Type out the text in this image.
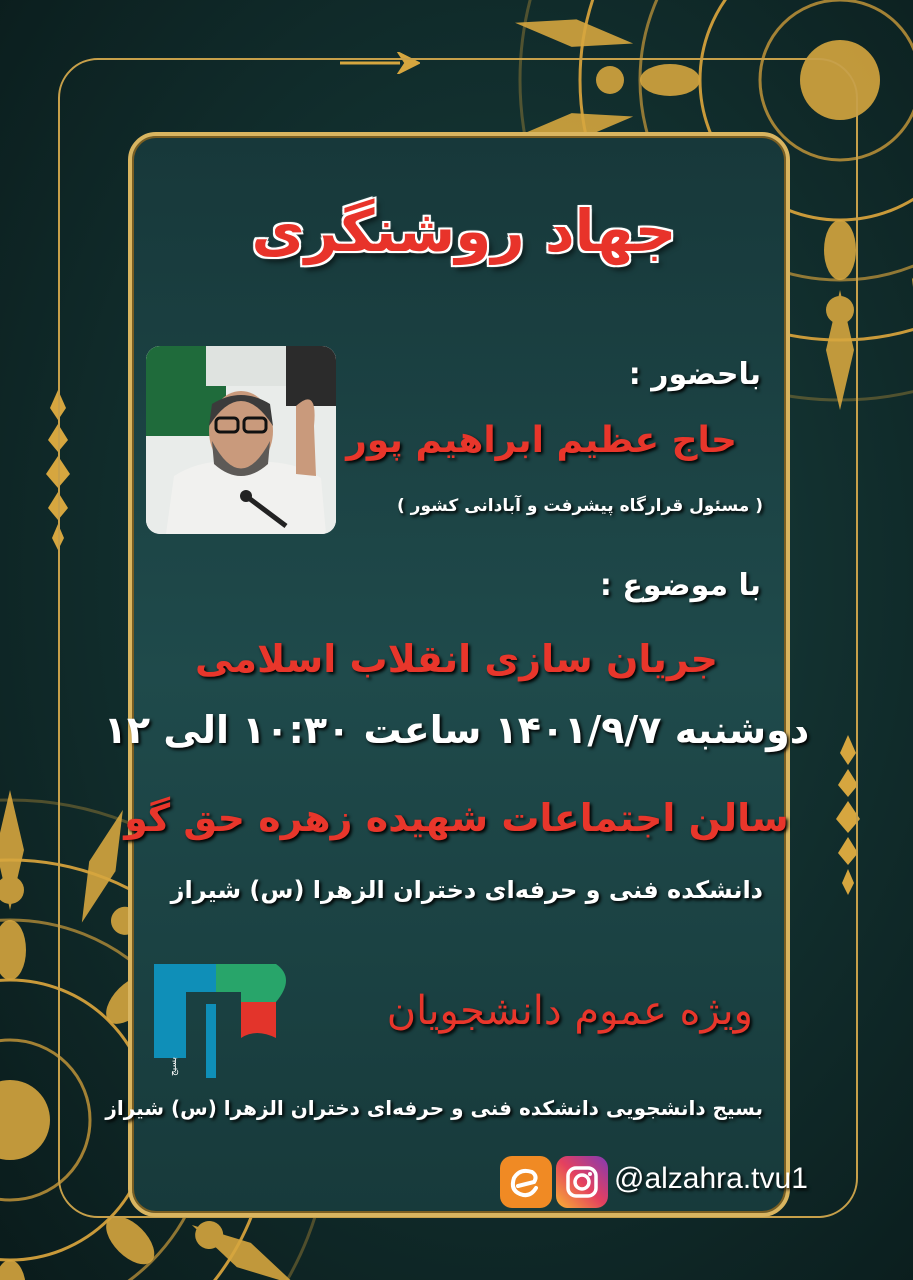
جهاد روشنگری
باحضور :
حاج عظیم ابراهیم پور
( مسئول قرارگاه پیشرفت و آبادانی کشور )
با موضوع :
جریان سازی انقلاب اسلامی
دوشنبه ۱۴۰۱/۹/۷ ساعت ۱۰:۳۰ الی ۱۲
سالن اجتماعات شهیده زهره حق گو
دانشکده فنی و حرفه‌ای دختران الزهرا (س) شیراز
بسیج
ویژه عموم دانشجویان
بسیج دانشجویی دانشکده فنی و حرفه‌ای دختران الزهرا (س) شیراز
@alzahra.tvu1
